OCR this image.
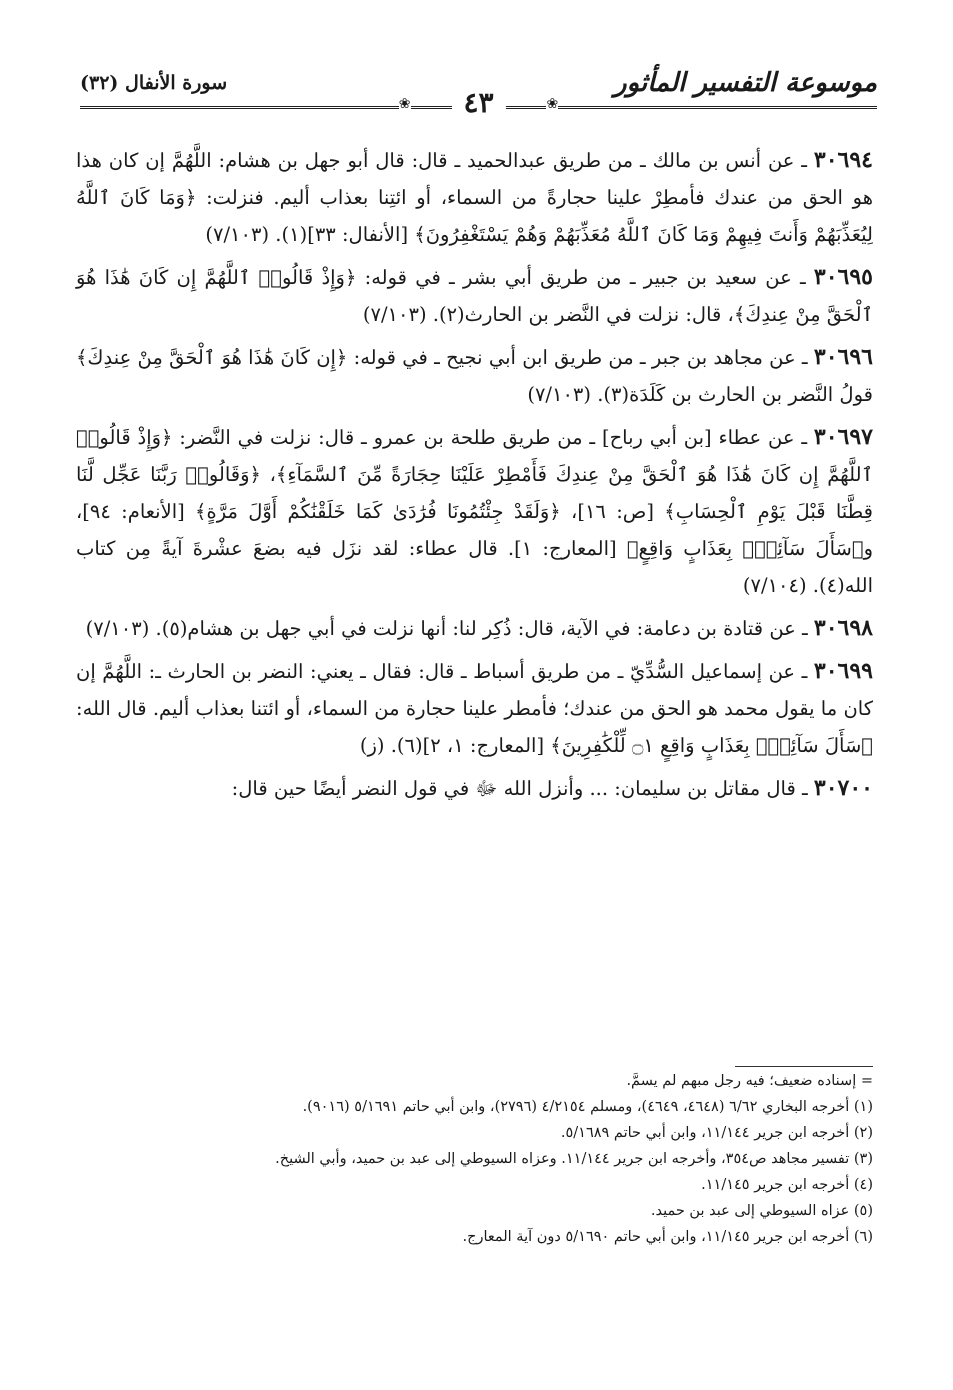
موسوعة التفسير المأثور
سورة الأنفال (٣٢)
❀
٤٣
❀

٣٠٦٩٤ ـ عن أنس بن مالك ـ من طريق عبدالحميد ـ قال: قال أبو جهل بن هشام: اللَّهُمَّ إن كان هذا هو الحق من عندك فأمطِرْ علينا حجارةً من السماء، أو ائتِنا بعذاب أليم. فنزلت: ﴿وَمَا كَانَ ٱللَّهُ لِيُعَذِّبَهُمْ وَأَنتَ فِيهِمْ وَمَا كَانَ ٱللَّهُ مُعَذِّبَهُمْ وَهُمْ يَسْتَغْفِرُونَ﴾ [الأنفال: ٣٣](١). (٧/١٠٣)

٣٠٦٩٥ ـ عن سعيد بن جبير ـ من طريق أبي بشر ـ في قوله: ﴿وَإِذْ قَالُوا۟ ٱللَّهُمَّ إِن كَانَ هَٰذَا هُوَ ٱلْحَقَّ مِنْ عِندِكَ﴾، قال: نزلت في النَّضر بن الحارث(٢). (٧/١٠٣)

٣٠٦٩٦ ـ عن مجاهد بن جبر ـ من طريق ابن أبي نجيح ـ في قوله: ﴿إِن كَانَ هَٰذَا هُوَ ٱلْحَقَّ مِنْ عِندِكَ﴾ قولُ النَّضر بن الحارث بن كَلَدَة(٣). (٧/١٠٣)

٣٠٦٩٧ ـ عن عطاء [بن أبي رباح] ـ من طريق طلحة بن عمرو ـ قال: نزلت في النَّضر: ﴿وَإِذْ قَالُوا۟ ٱللَّهُمَّ إِن كَانَ هَٰذَا هُوَ ٱلْحَقَّ مِنْ عِندِكَ فَأَمْطِرْ عَلَيْنَا حِجَارَةً مِّنَ ٱلسَّمَآءِ﴾، ﴿وَقَالُوا۟ رَبَّنَا عَجِّل لَّنَا قِطَّنَا قَبْلَ يَوْمِ ٱلْحِسَابِ﴾ [ص: ١٦]، ﴿وَلَقَدْ جِئْتُمُونَا فُرَٰدَىٰ كَمَا خَلَقْنَٰكُمْ أَوَّلَ مَرَّةٍ﴾ [الأنعام: ٩٤]، و﴿سَأَلَ سَآئِلٌۢ بِعَذَابٍ وَاقِعٍ﴾ [المعارج: ١]. قال عطاء: لقد نزَل فيه بضعَ عشْرةَ آيةً مِن كتاب الله(٤). (٧/١٠٤)

٣٠٦٩٨ ـ عن قتادة بن دعامة: في الآية، قال: ذُكِر لنا: أنها نزلت في أبي جهل بن هشام(٥). (٧/١٠٣)

٣٠٦٩٩ ـ عن إسماعيل السُّدِّيّ ـ من طريق أسباط ـ قال: فقال ـ يعني: النضر بن الحارث ـ: اللَّهُمَّ إن كان ما يقول محمد هو الحق من عندك؛ فأمطر علينا حجارة من السماء، أو ائتنا بعذاب أليم. قال الله: ﴿سَأَلَ سَآئِلٌۢ بِعَذَابٍ وَاقِعٍ ۝١ لِّلْكَٰفِرِينَ﴾ [المعارج: ١، ٢](٦). (ز)

٣٠٧٠٠ ـ قال مقاتل بن سليمان: ... وأنزل الله ﷻ في قول النضر أيضًا حين قال:

= إسناده ضعيف؛ فيه رجل مبهم لم يسمَّ.

(١) أخرجه البخاري ٦/٦٢ (٤٦٤٨، ٤٦٤٩)، ومسلم ٤/٢١٥٤ (٢٧٩٦)، وابن أبي حاتم ٥/١٦٩١ (٩٠١٦).

(٢) أخرجه ابن جرير ١١/١٤٤، وابن أبي حاتم ٥/١٦٨٩.

(٣) تفسير مجاهد ص٣٥٤، وأخرجه ابن جرير ١١/١٤٤. وعزاه السيوطي إلى عبد بن حميد، وأبي الشيخ.

(٤) أخرجه ابن جرير ١١/١٤٥.

(٥) عزاه السيوطي إلى عبد بن حميد.

(٦) أخرجه ابن جرير ١١/١٤٥، وابن أبي حاتم ٥/١٦٩٠ دون آية المعارج.
